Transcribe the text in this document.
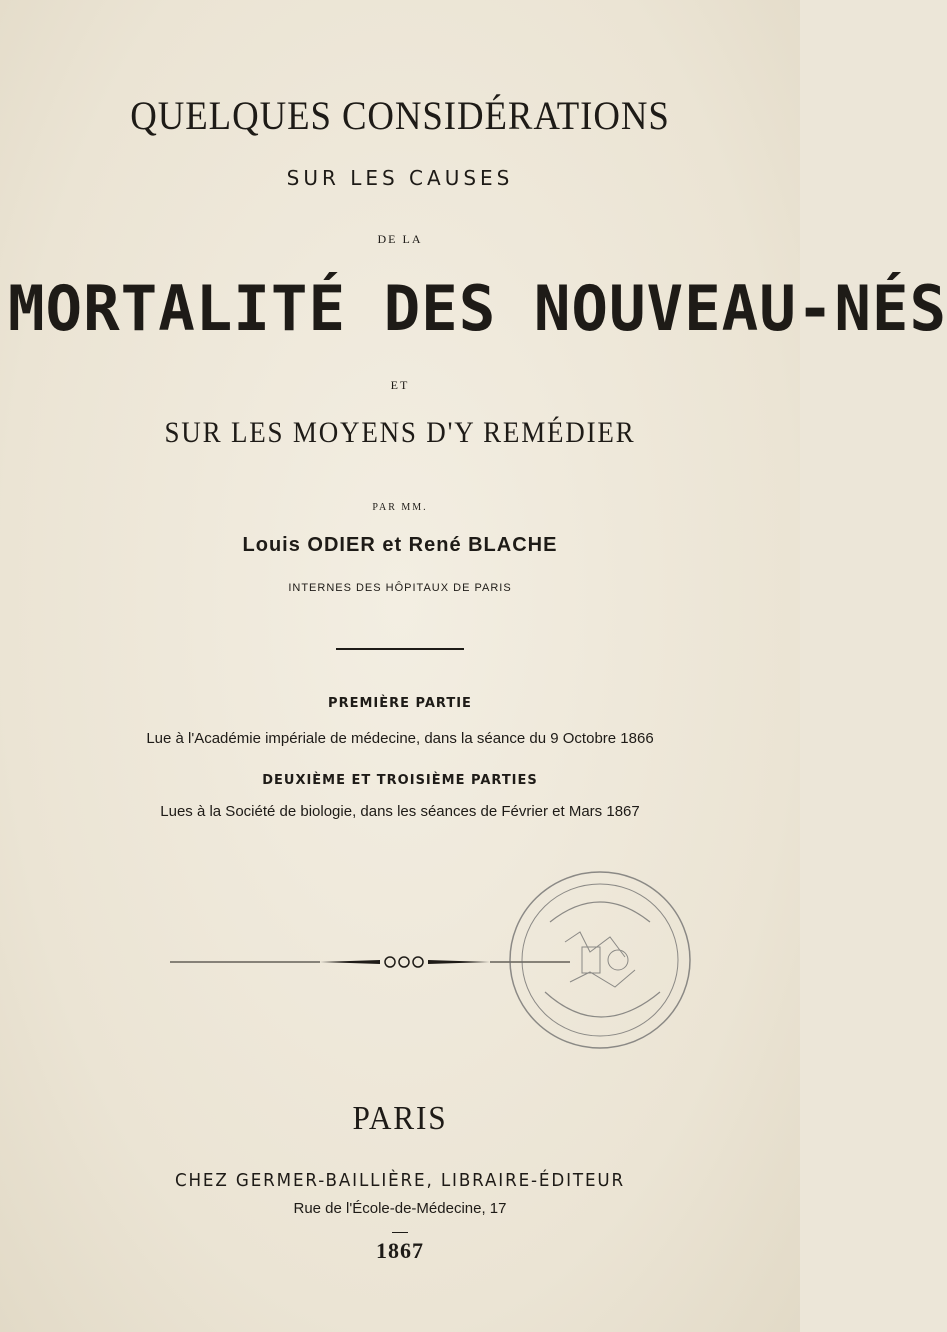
QUELQUES CONSIDÉRATIONS
SUR LES CAUSES
DE LA
MORTALITÉ DES NOUVEAU-NÉS
ET
SUR LES MOYENS D'Y REMÉDIER
PAR MM.
Louis ODIER et René BLACHE
INTERNES DES HÔPITAUX DE PARIS
PREMIÈRE PARTIE
Lue à l'Académie impériale de médecine, dans la séance du 9 Octobre 1866
DEUXIÈME ET TROISIÈME PARTIES
Lues à la Société de biologie, dans les séances de Février et Mars 1867
PARIS
CHEZ GERMER-BAILLIÈRE, LIBRAIRE-ÉDITEUR
Rue de l'École-de-Médecine, 17
1867
